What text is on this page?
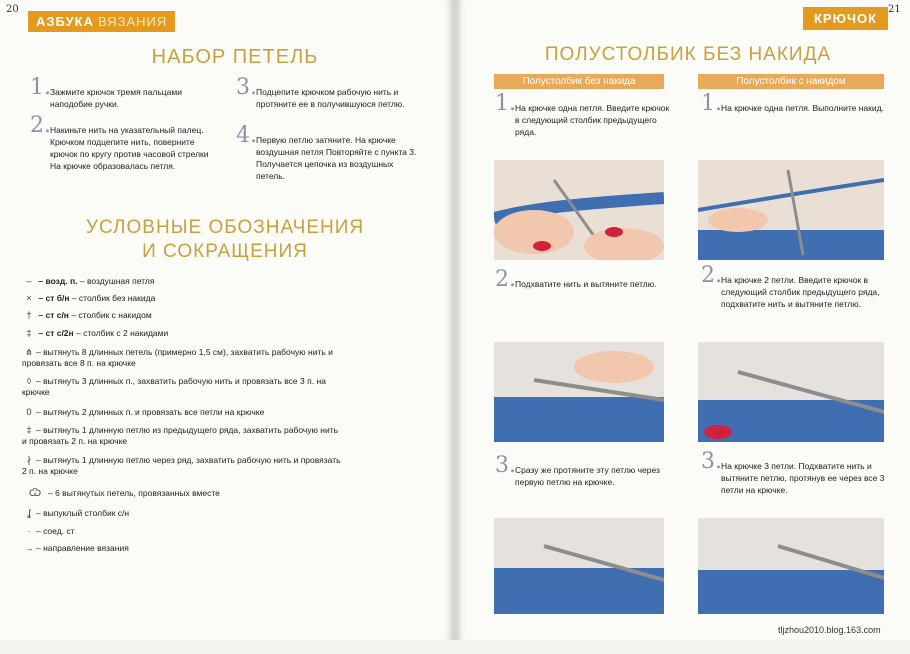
20
АЗБУКА ВЯЗАНИЯ
НАБОР ПЕТЕЛЬ
1. Зажмите крючок тремя пальцами наподобие ручки.
2. Накиньте нить на указательный палец. Крючком подцепите нить, поверните крючок по кругу против часовой стрелки На крючке образовалась петля.
3. Подцепите крючком рабочую нить и протяните ее в получившуюся петлю.
4. Первую петлю затяните. На крючке воздушная петля Повторяйте с пункта 3. Получается цепочка из воздушных петель.
УСЛОВНЫЕ ОБОЗНАЧЕНИЯ
И СОКРАЩЕНИЯ
– – возд. п. – воздушная петля
× – ст б/н – столбик без накида
† – ст с/н – столбик с накидом
‡ – ст с/2н – столбик с 2 накидами
⋔ – вытянуть 8 длинных петель (примерно 1,5 см), захватить рабочую нить и провязать все 8 п. на крючке
◊ – вытянуть 3 длинных п., захватить рабочую нить и провязать все 3 п. на крючке
0 – вытянуть 2 длинных п. и провязать все петли на крючке
‡ – вытянуть 1 длинную петлю из предыдущего ряда, захватить рабочую нить и провязать 2 п. на крючке
∤ – вытянуть 1 длинную петлю через ряд, захватить рабочую нить и провязать 2 п. на крючке
Ѿ – 6 вытянутых петель, провязанных вместе
ʆ – выпуклый столбик с/н
· – соед. ст
→ – направление вязания
21
КРЮЧОК
ПОЛУСТОЛБИК БЕЗ НАКИДА
Полустолбик без накида	Полустолбик с накидом
1. На крючке одна петля. Введите крючок в следующий столбик предыдущего ряда.
2. Подхватите нить и вытяните петлю.
3. Сразу же протяните эту петлю через первую петлю на крючке.
1. На крючке одна петля. Выполните накид.
2. На крючке 2 петли. Введите крючок в следующий столбик предыдущего ряда, подхватите нить и вытяните петлю.
3. На крючке 3 петли. Подхватите нить и вытяните петлю, протянув ее через все 3 петли на крючке.
tljzhou2010.blog.163.com
